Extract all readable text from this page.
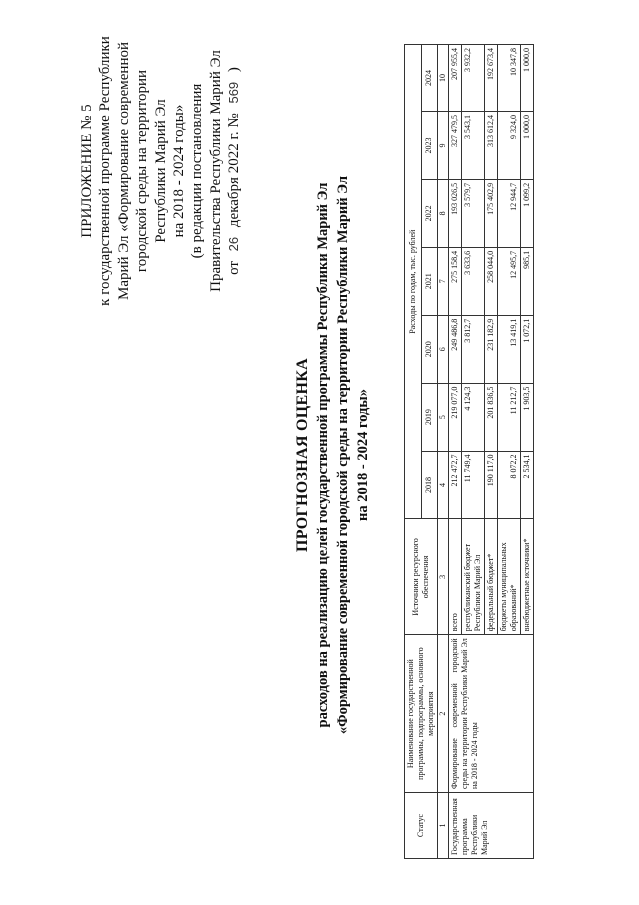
ПРИЛОЖЕНИЕ № 5 к государственной программе Республики Марий Эл «Формирование современной городской среды на территории Республики Марий Эл на 2018 - 2024 годы» (в редакции постановления Правительства Республики Марий Эл от 26 декабря 2022 г. № 569 )
ПРОГНОЗНАЯ ОЦЕНКА расходов на реализацию целей государственной программы Республики Марий Эл «Формирование современной городской среды на территории Республики Марий Эл на 2018 - 2024 годы»
Статус	Наименование государственной программы, подпрограммы, основного мероприятия	Источники ресурсного обеспечения	Расходы по годам, тыс. рублей						
			2018	2019	2020	2021	2022	2023	2024
1	2	3	4	5	6	7	8	9	10
Государственная программа Республики Марий Эл	Формирование современной городской среды на территории Республики Марий Эл на 2018 - 2024 годы	всего	212 472,7	219 077,0	249 486,8	275 158,4	193 026,5	327 479,5	207 955,4
		республиканский бюджет Республики Марий Эл	11 749,4	4 124,3	3 812,7	3 633,6	3 579,7	3 543,1	3 932,2
		федеральный бюджет*	190 117,0	201 836,5	231 182,9	258 044,0	175 402,9	313 612,4	192 673,4
		бюджеты муниципальных образований*	8 072,2	11 212,7	13 419,1	12 495,7	12 944,7	9 324,0	10 347,8
		внебюджетные источники*	2 534,1	1 903,5	1 072,1	985,1	1 099,2	1 000,0	1 000,0
